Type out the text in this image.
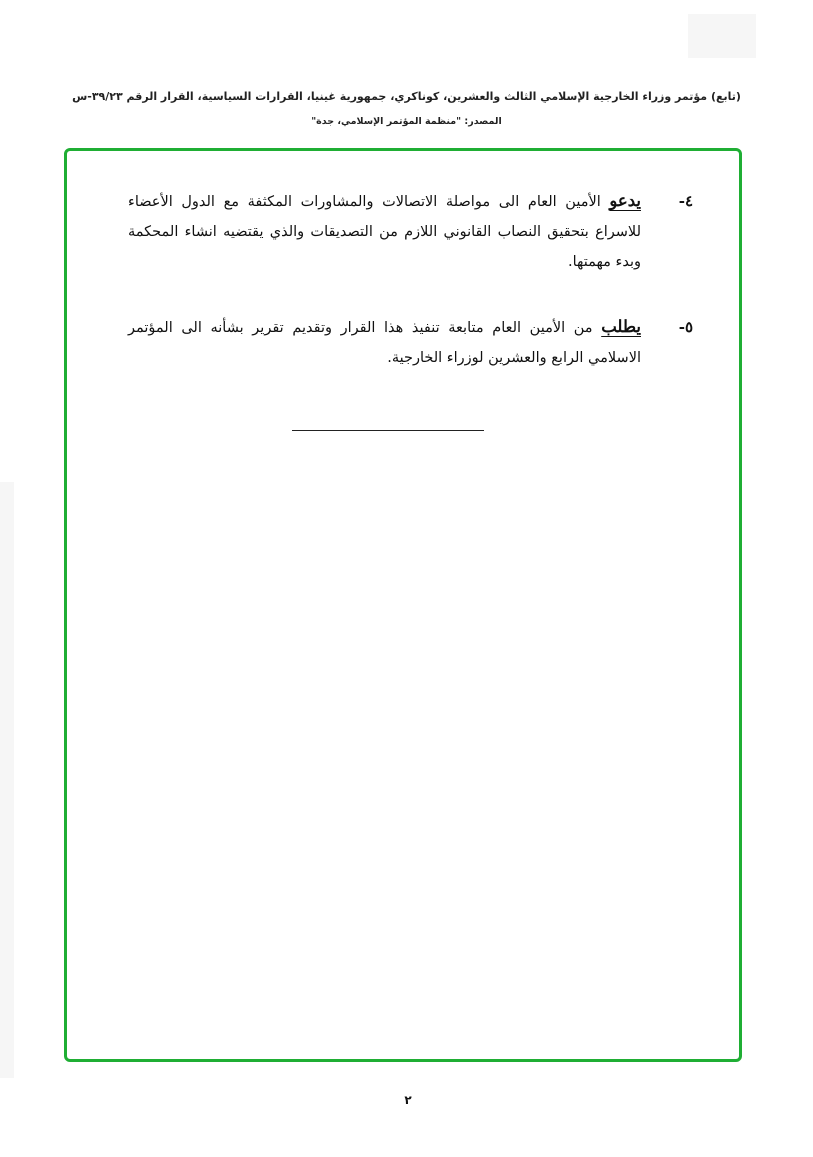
(تابع) مؤتمر وزراء الخارجية الإسلامي الثالث والعشرين، كوناكري، جمهورية غينيا، القرارات السياسية، القرار الرقم ٣٩/٢٣-س
المصدر: "منظمة المؤتمر الإسلامي، جدة"
٤-
يدعو الأمين العام الى مواصلة الاتصالات والمشاورات المكثفة مع الدول الأعضاء للاسراع بتحقيق النصاب القانوني اللازم من التصديقات والذي يقتضيه انشاء المحكمة وبدء مهمتها.
٥-
يطلب من الأمين العام متابعة تنفيذ هذا القرار وتقديم تقرير بشأنه الى المؤتمر الاسلامي الرابع والعشرين لوزراء الخارجية.
٢
